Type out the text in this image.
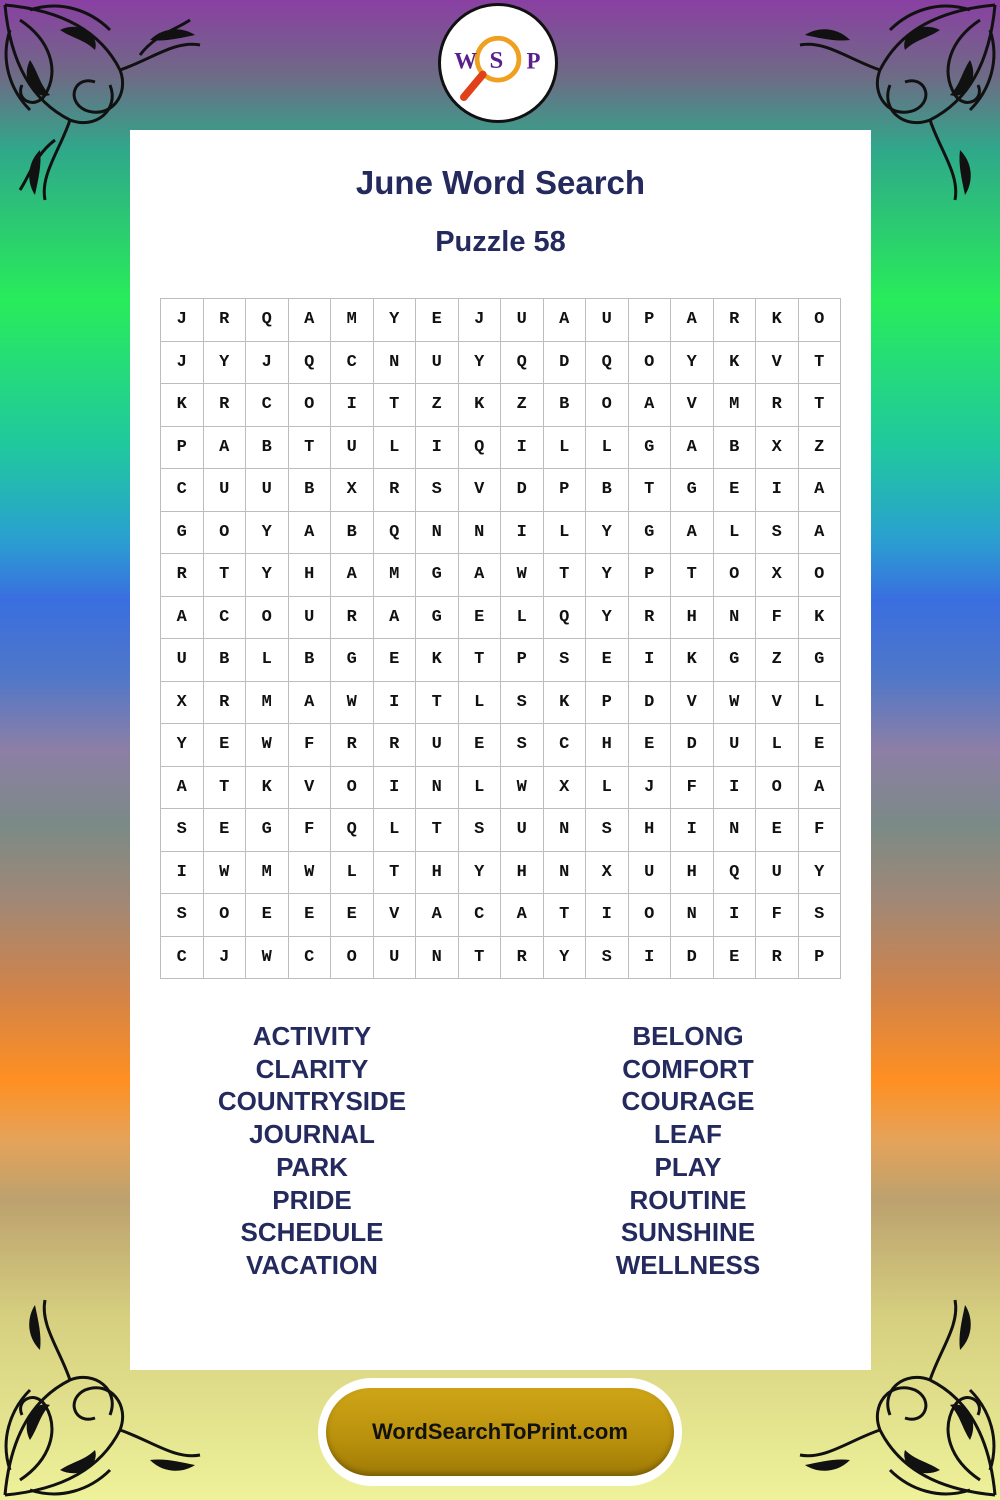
W S P
June Word Search
Puzzle 58
J	R	Q	A	M	Y	E	J	U	A	U	P	A	R	K	O
J	Y	J	Q	C	N	U	Y	Q	D	Q	O	Y	K	V	T
K	R	C	O	I	T	Z	K	Z	B	O	A	V	M	R	T
P	A	B	T	U	L	I	Q	I	L	L	G	A	B	X	Z
C	U	U	B	X	R	S	V	D	P	B	T	G	E	I	A
G	O	Y	A	B	Q	N	N	I	L	Y	G	A	L	S	A
R	T	Y	H	A	M	G	A	W	T	Y	P	T	O	X	O
A	C	O	U	R	A	G	E	L	Q	Y	R	H	N	F	K
U	B	L	B	G	E	K	T	P	S	E	I	K	G	Z	G
X	R	M	A	W	I	T	L	S	K	P	D	V	W	V	L
Y	E	W	F	R	R	U	E	S	C	H	E	D	U	L	E
A	T	K	V	O	I	N	L	W	X	L	J	F	I	O	A
S	E	G	F	Q	L	T	S	U	N	S	H	I	N	E	F
I	W	M	W	L	T	H	Y	H	N	X	U	H	Q	U	Y
S	O	E	E	E	V	A	C	A	T	I	O	N	I	F	S
C	J	W	C	O	U	N	T	R	Y	S	I	D	E	R	P
ACTIVITY
CLARITY
COUNTRYSIDE
JOURNAL
PARK
PRIDE
SCHEDULE
VACATION
BELONG
COMFORT
COURAGE
LEAF
PLAY
ROUTINE
SUNSHINE
WELLNESS
WordSearchToPrint.com
